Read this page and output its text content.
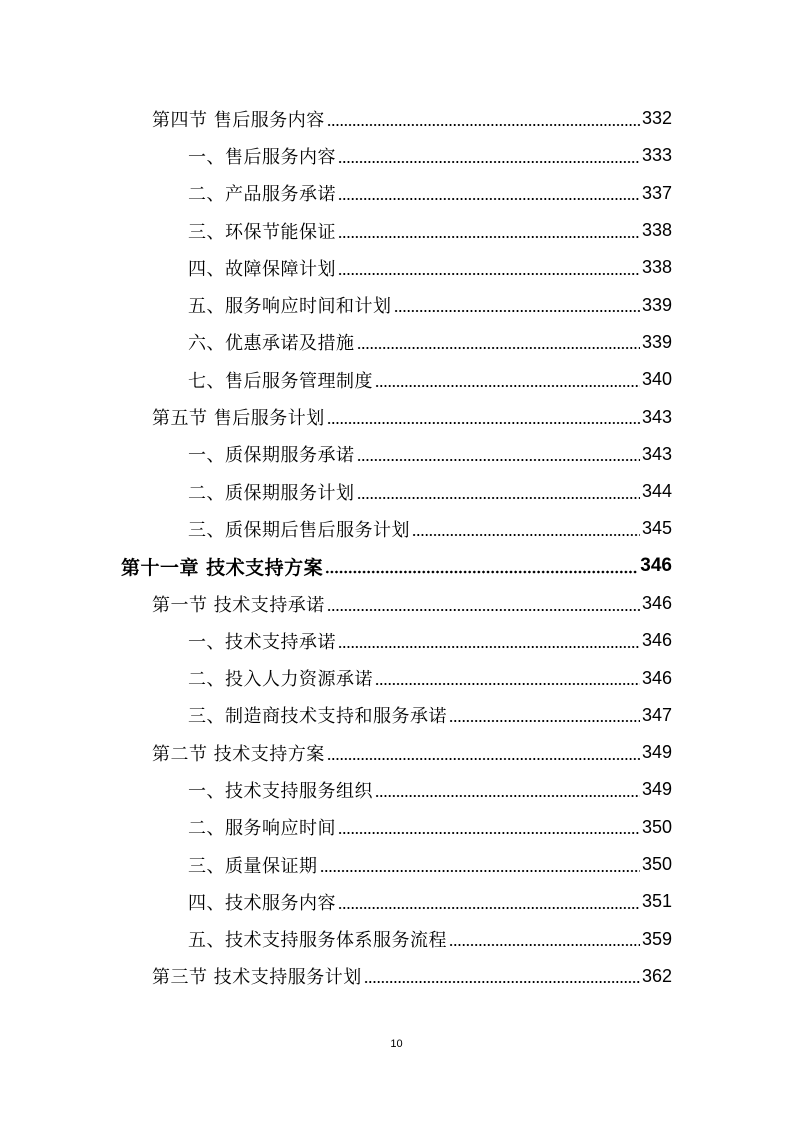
第四节 售后服务内容	332
一、售后服务内容	333
二、产品服务承诺	337
三、环保节能保证	338
四、故障保障计划	338
五、服务响应时间和计划	339
六、优惠承诺及措施	339
七、售后服务管理制度	340
第五节 售后服务计划	343
一、质保期服务承诺	343
二、质保期服务计划	344
三、质保期后售后服务计划	345
第十一章 技术支持方案	346
第一节 技术支持承诺	346
一、技术支持承诺	346
二、投入人力资源承诺	346
三、制造商技术支持和服务承诺	347
第二节 技术支持方案	349
一、技术支持服务组织	349
二、服务响应时间	350
三、质量保证期	350
四、技术服务内容	351
五、技术支持服务体系服务流程	359
第三节 技术支持服务计划	362
10
